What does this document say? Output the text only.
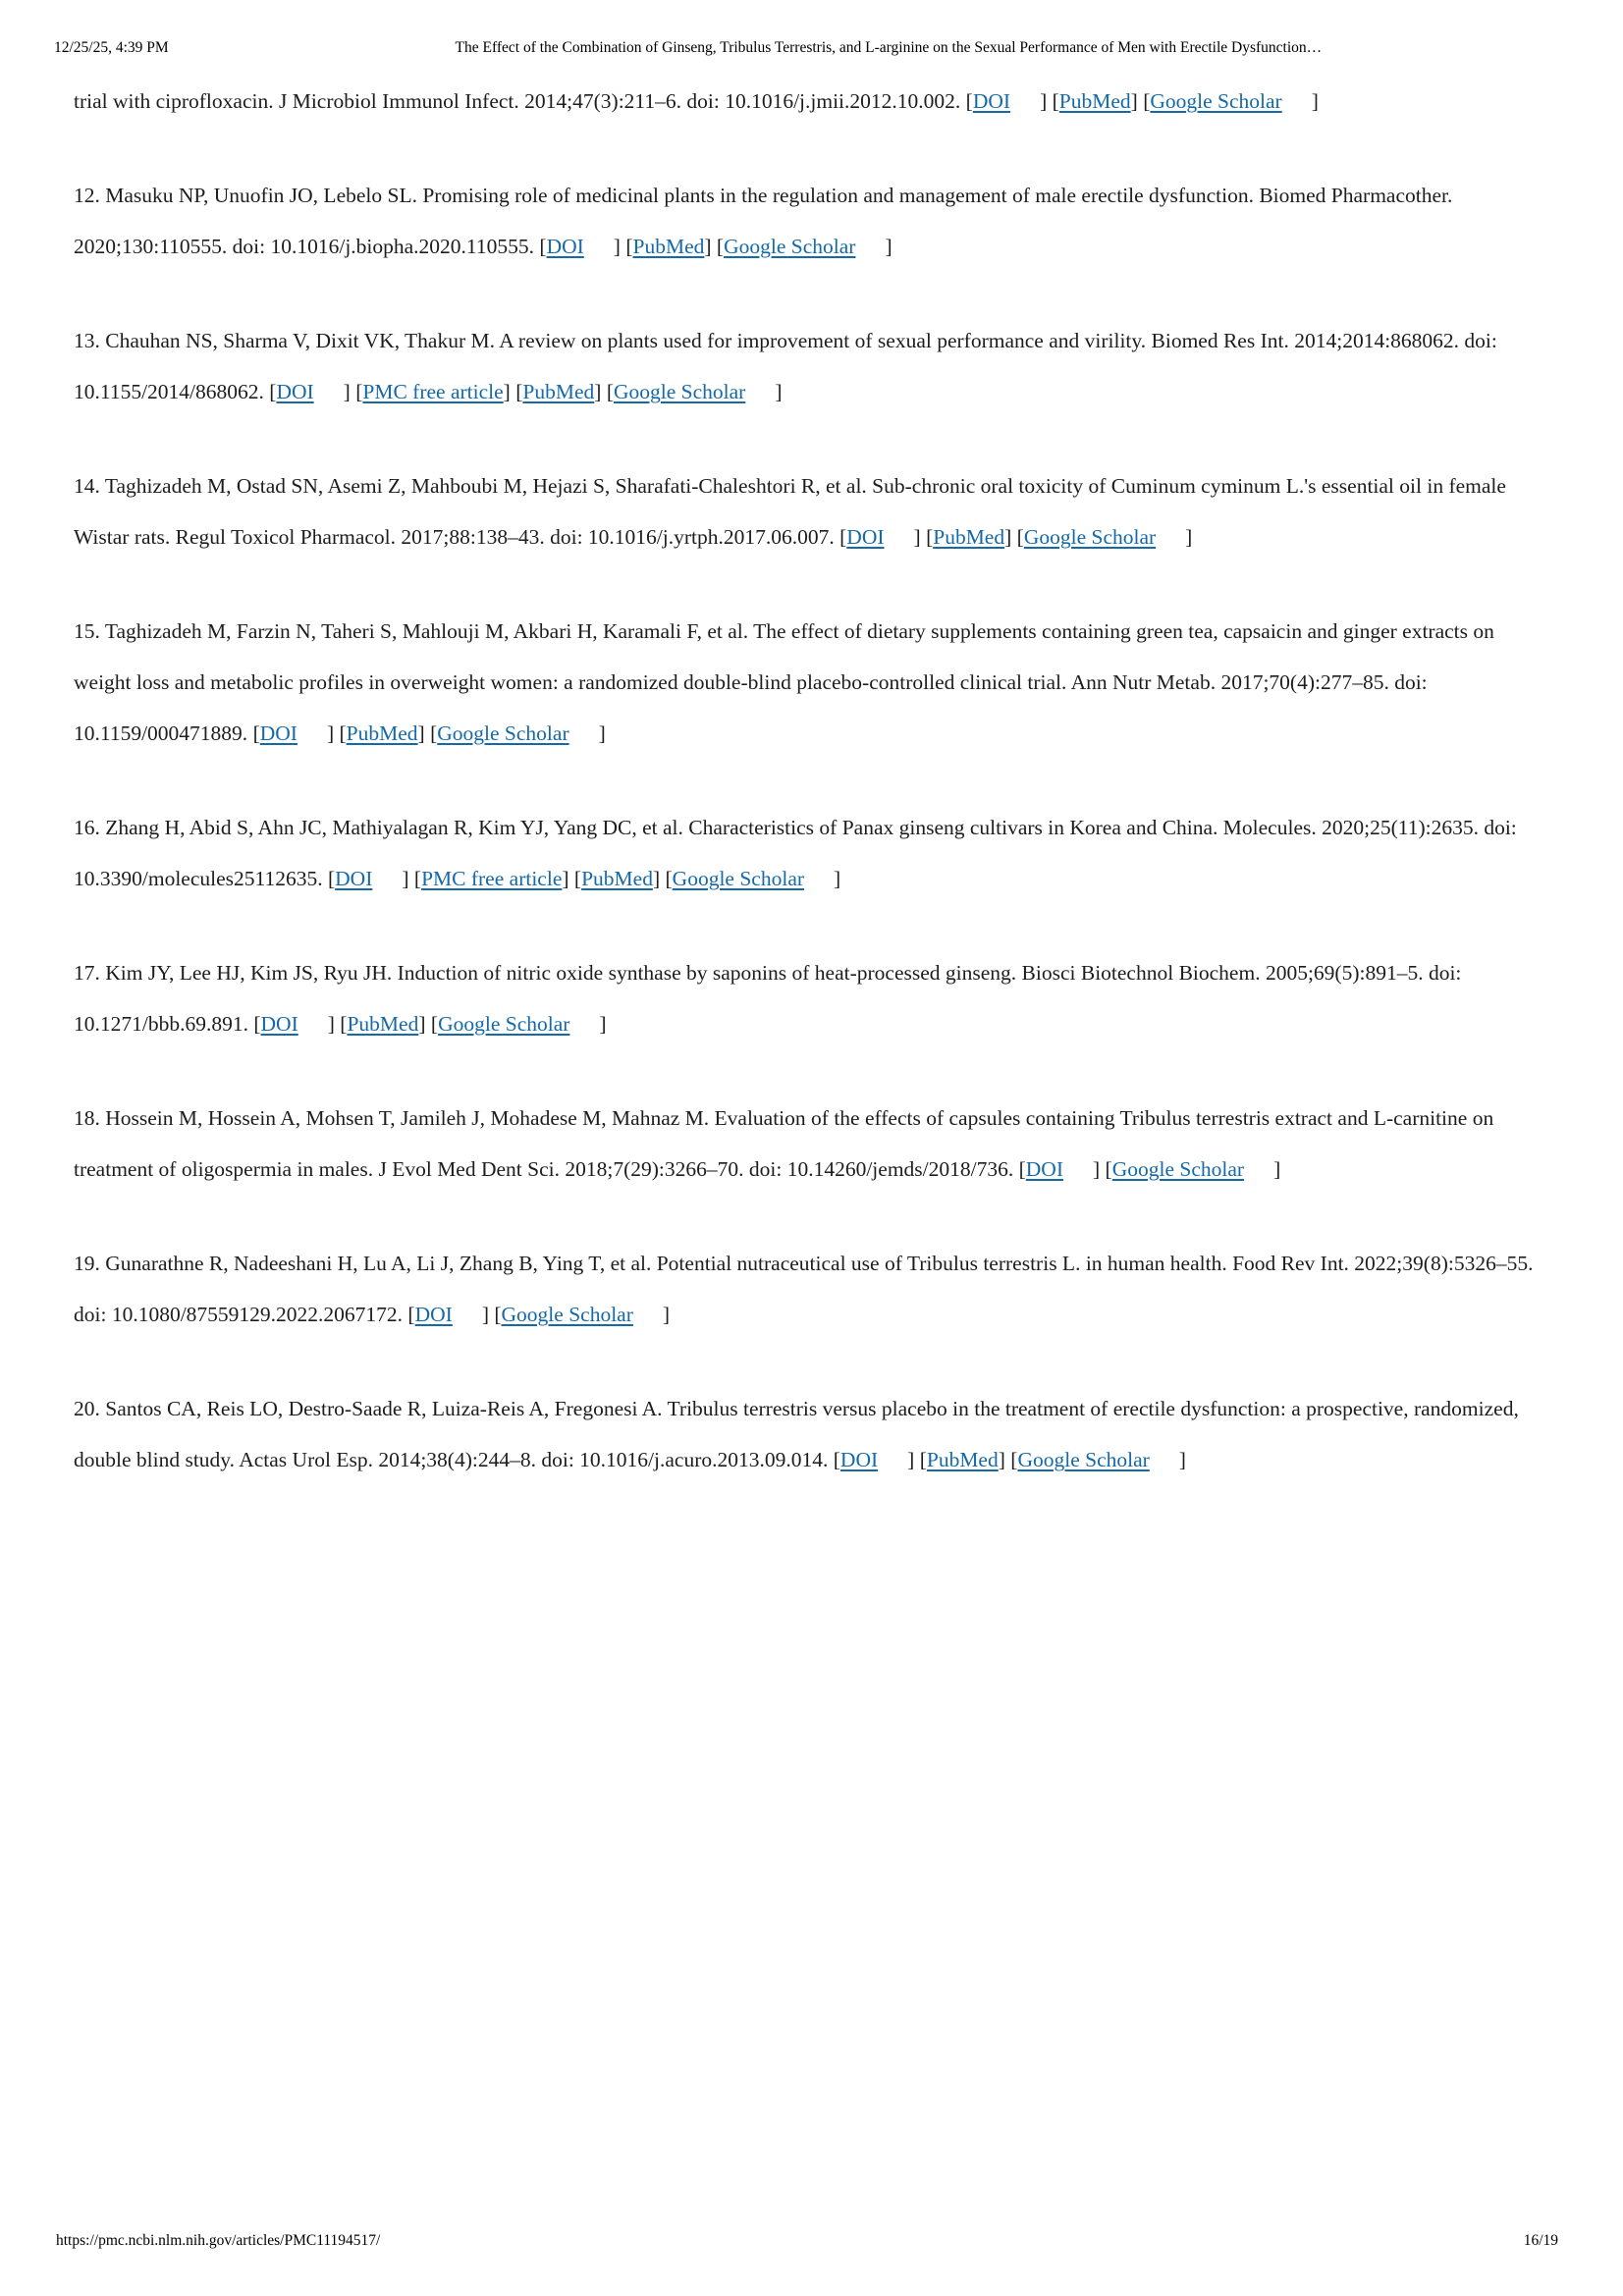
12/25/25, 4:39 PM	The Effect of the Combination of Ginseng, Tribulus Terrestris, and L-arginine on the Sexual Performance of Men with Erectile Dysfunction…

trial with ciprofloxacin. J Microbiol Immunol Infect. 2014;47(3):211–6. doi: 10.1016/j.jmii.2012.10.002. [DOI ] [PubMed] [Google Scholar ]

12. Masuku NP, Unuofin JO, Lebelo SL. Promising role of medicinal plants in the regulation and management of male erectile dysfunction. Biomed Pharmacother. 2020;130:110555. doi: 10.1016/j.biopha.2020.110555. [DOI ] [PubMed] [Google Scholar ]

13. Chauhan NS, Sharma V, Dixit VK, Thakur M. A review on plants used for improvement of sexual performance and virility. Biomed Res Int. 2014;2014:868062. doi: 10.1155/2014/868062. [DOI ] [PMC free article] [PubMed] [Google Scholar ]

14. Taghizadeh M, Ostad SN, Asemi Z, Mahboubi M, Hejazi S, Sharafati-Chaleshtori R, et al. Sub-chronic oral toxicity of Cuminum cyminum L.'s essential oil in female Wistar rats. Regul Toxicol Pharmacol. 2017;88:138–43. doi: 10.1016/j.yrtph.2017.06.007. [DOI ] [PubMed] [Google Scholar ]

15. Taghizadeh M, Farzin N, Taheri S, Mahlouji M, Akbari H, Karamali F, et al. The effect of dietary supplements containing green tea, capsaicin and ginger extracts on weight loss and metabolic profiles in overweight women: a randomized double-blind placebo-controlled clinical trial. Ann Nutr Metab. 2017;70(4):277–85. doi: 10.1159/000471889. [DOI ] [PubMed] [Google Scholar ]

16. Zhang H, Abid S, Ahn JC, Mathiyalagan R, Kim YJ, Yang DC, et al. Characteristics of Panax ginseng cultivars in Korea and China. Molecules. 2020;25(11):2635. doi: 10.3390/molecules25112635. [DOI ] [PMC free article] [PubMed] [Google Scholar ]

17. Kim JY, Lee HJ, Kim JS, Ryu JH. Induction of nitric oxide synthase by saponins of heat-processed ginseng. Biosci Biotechnol Biochem. 2005;69(5):891–5. doi: 10.1271/bbb.69.891. [DOI ] [PubMed] [Google Scholar ]

18. Hossein M, Hossein A, Mohsen T, Jamileh J, Mohadese M, Mahnaz M. Evaluation of the effects of capsules containing Tribulus terrestris extract and L-carnitine on treatment of oligospermia in males. J Evol Med Dent Sci. 2018;7(29):3266–70. doi: 10.14260/jemds/2018/736. [DOI ] [Google Scholar ]

19. Gunarathne R, Nadeeshani H, Lu A, Li J, Zhang B, Ying T, et al. Potential nutraceutical use of Tribulus terrestris L. in human health. Food Rev Int. 2022;39(8):5326–55. doi: 10.1080/87559129.2022.2067172. [DOI ] [Google Scholar ]

20. Santos CA, Reis LO, Destro-Saade R, Luiza-Reis A, Fregonesi A. Tribulus terrestris versus placebo in the treatment of erectile dysfunction: a prospective, randomized, double blind study. Actas Urol Esp. 2014;38(4):244–8. doi: 10.1016/j.acuro.2013.09.014. [DOI ] [PubMed] [Google Scholar ]

https://pmc.ncbi.nlm.nih.gov/articles/PMC11194517/	16/19
